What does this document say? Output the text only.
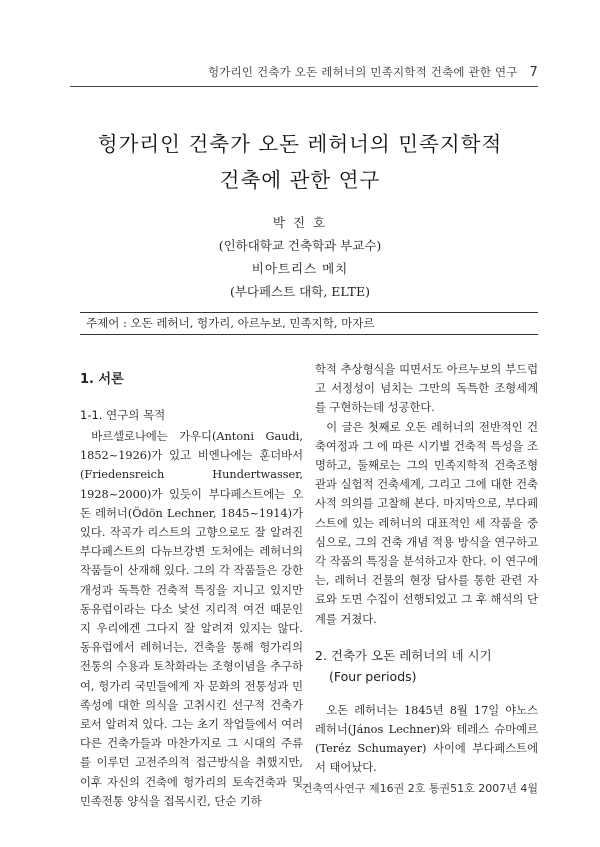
헝가리인 건축가 오돈 레허너의 민족지학적 건축에 관한 연구 7
헝가리인 건축가 오돈 레허너의 민족지학적
건축에 관한 연구
박 진 호
(인하대학교 건축학과 부교수)
비아트리스 메치
(부다페스트 대학, ELTE)
주제어 : 오돈 레허너, 헝가리, 아르누보, 민족지학, 마자르
1. 서론
1-1. 연구의 목적

바르셀로나에는 가우디(Antoni Gaudi, 1852~1926)가 있고 비엔나에는 훈더바서(Friedensreich Hundertwasser, 1928~2000)가 있듯이 부다페스트에는 오돈 레허너(Ödön Lechner, 1845~1914)가 있다. 작곡가 리스트의 고향으로도 잘 알려진 부다페스트의 다뉴브강변 도처에는 레허너의 작품들이 산재해 있다. 그의 각 작품들은 강한 개성과 독특한 건축적 특징을 지니고 있지만 동유럽이라는 다소 낯선 지리적 여건 때문인지 우리에겐 그다지 잘 알려져 있지는 않다. 동유럽에서 레허너는, 건축을 통해 헝가리의 전통의 수용과 토착화라는 조형이념을 추구하여, 헝가리 국민들에게 자 문화의 전통성과 민족성에 대한 의식을 고취시킨 선구적 건축가로서 알려져 있다. 그는 초기 작업들에서 여러 다른 건축가들과 마찬가지로 그 시대의 주류를 이루던 고전주의적 접근방식을 취했지만, 이후 자신의 건축에 헝가리의 토속건축과 및 민족전통 양식을 접목시킨, 단순 기하

학적 추상형식을 띠면서도 아르누보의 부드럽고 서정성이 넘치는 그만의 독특한 조형세계를 구현하는데 성공한다.

이 글은 첫째로 오돈 레허너의 전반적인 건축여정과 그 에 따른 시기별 건축적 특성을 조명하고, 둘째로는 그의 민족지학적 건축조형관과 실험적 건축세계, 그리고 그에 대한 건축사적 의의를 고찰해 본다. 마지막으로, 부다페스트에 있는 레허너의 대표적인 세 작품을 중심으로, 그의 건축 개념 적용 방식을 연구하고 각 작품의 특징을 분석하고자 한다. 이 연구에는, 레허너 건물의 현장 답사를 통한 관련 자료와 도면 수집이 선행되었고 그 후 해석의 단계를 거쳤다.

2. 건축가 오돈 레허너의 네 시기
(Four periods)

오돈 레허너는 1845년 8월 17일 야노스 레허너(János Lechner)와 테레스 슈마예르(Teréz Schumayer) 사이에 부다페스트에서 태어났다.

건축역사연구 제16권 2호 통권51호 2007년 4월
